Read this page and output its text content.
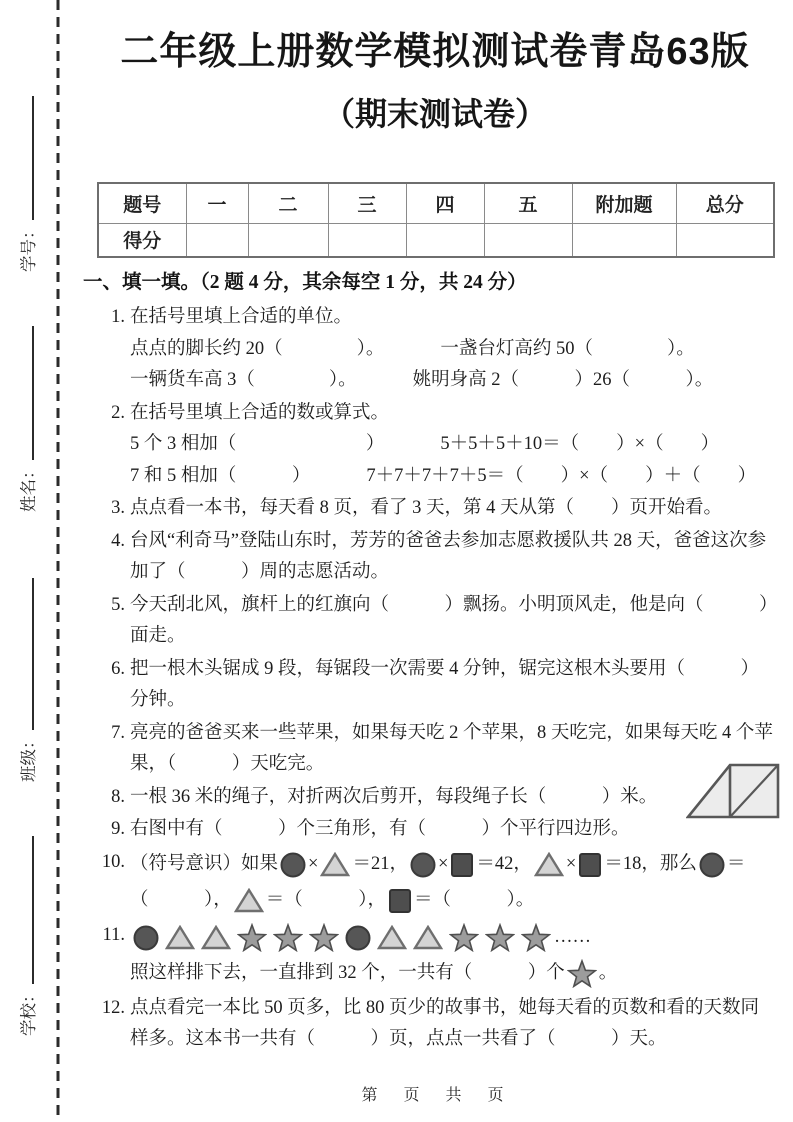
学号：
姓名：
班级：
学校：
二年级上册数学模拟测试卷青岛63版
（期末测试卷）
题号	一	二	三	四	五	附加题	总分
得分							
一、填一填。（2 题 4 分，其余每空 1 分，共 24 分）
1. 在括号里填上合适的单位。
点点的脚长约 20（　　　　）。	一盏台灯高约 50（　　　　）。
一辆货车高 3（　　　　）。	姚明身高 2（　　　）26（　　　）。
2. 在括号里填上合适的数或算式。
5 个 3 相加（　　　　　　　）	5＋5＋5＋10＝（　　）×（　　）
7 和 5 相加（　　　）	7＋7＋7＋7＋5＝（　　）×（　　）＋（　　）
3. 点点看一本书，每天看 8 页，看了 3 天，第 4 天从第（　　）页开始看。
4. 台风“利奇马”登陆山东时，芳芳的爸爸去参加志愿救援队共 28 天，爸爸这次参加了（　　　）周的志愿活动。
5. 今天刮北风，旗杆上的红旗向（　　　）飘扬。小明顶风走，他是向（　　　）面走。
6. 把一根木头锯成 9 段，每锯段一次需要 4 分钟，锯完这根木头要用（　　　）分钟。
7. 亮亮的爸爸买来一些苹果，如果每天吃 2 个苹果，8 天吃完，如果每天吃 4 个苹果，（　　　）天吃完。
8. 一根 36 米的绳子，对折两次后剪开，每段绳子长（　　　）米。
9. 右图中有（　　　）个三角形，有（　　　）个平行四边形。
10. （符号意识）如果 × ＝21， × ＝42， × ＝18，那么 ＝
（　　　）， ＝（　　　）， ＝（　　　）。
11.	……
照这样排下去，一直排到 32 个，一共有（　　　）个 。
12. 点点看完一本比 50 页多，比 80 页少的故事书，她每天看的页数和看的天数同样多。这本书一共有（　　　）页，点点一共看了（　　　）天。
第　页　共　页
